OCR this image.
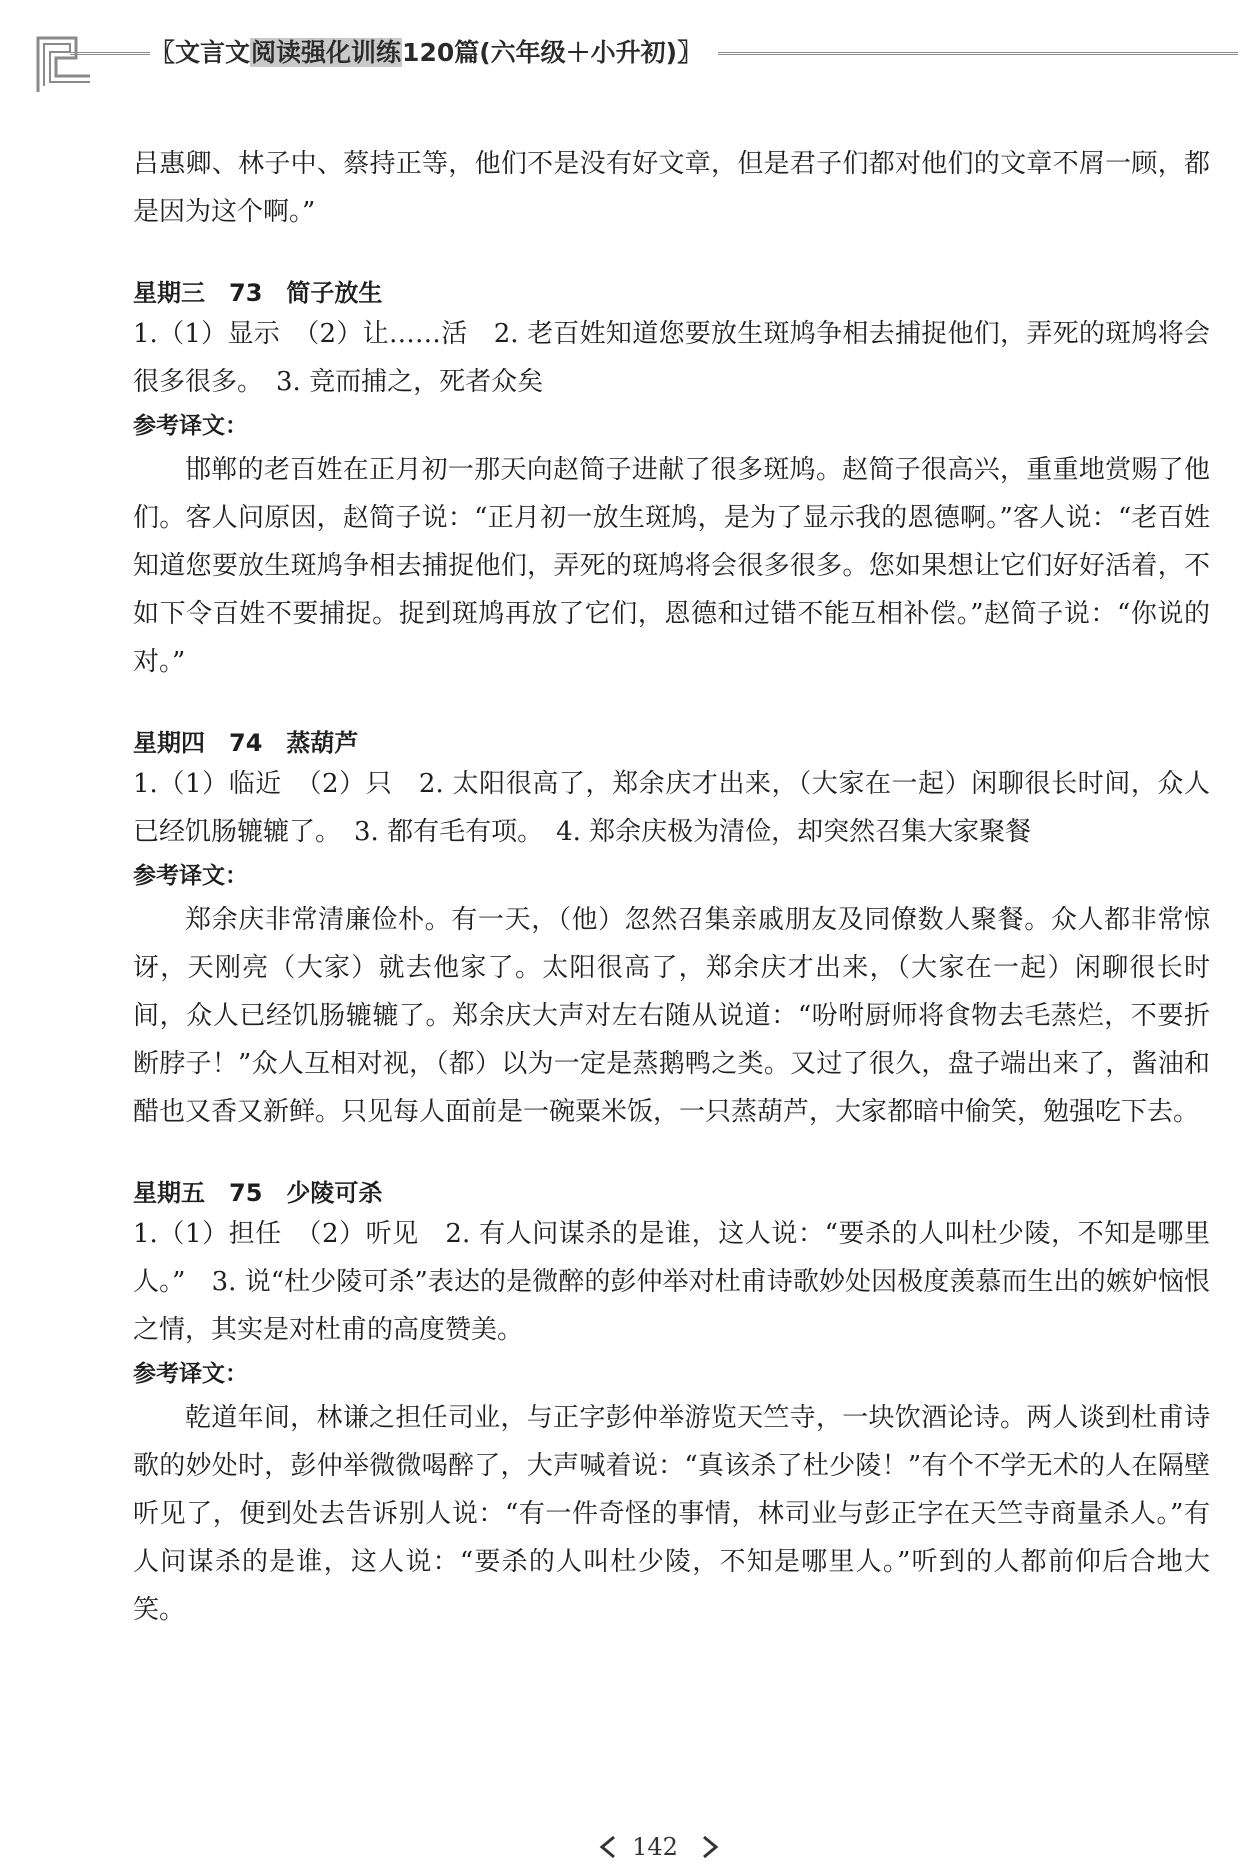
〖文言文阅读强化训练120篇(六年级＋小升初)〗

吕惠卿、林子中、蔡持正等，他们不是没有好文章，但是君子们都对他们的文章不屑一顾，都是因为这个啊。”

星期三　73　简子放生

1.（1）显示　（2）让……活　2. 老百姓知道您要放生斑鸠争相去捕捉他们，弄死的斑鸠将会很多很多。　3. 竞而捕之，死者众矣

参考译文：

邯郸的老百姓在正月初一那天向赵简子进献了很多斑鸠。赵简子很高兴，重重地赏赐了他们。客人问原因，赵简子说：“正月初一放生斑鸠，是为了显示我的恩德啊。”客人说：“老百姓知道您要放生斑鸠争相去捕捉他们，弄死的斑鸠将会很多很多。您如果想让它们好好活着，不如下令百姓不要捕捉。捉到斑鸠再放了它们，恩德和过错不能互相补偿。”赵简子说：“你说的对。”

星期四　74　蒸葫芦

1.（1）临近　（2）只　2. 太阳很高了，郑余庆才出来，（大家在一起）闲聊很长时间，众人已经饥肠辘辘了。　3. 都有毛有项。　4. 郑余庆极为清俭，却突然召集大家聚餐

参考译文：

郑余庆非常清廉俭朴。有一天，（他）忽然召集亲戚朋友及同僚数人聚餐。众人都非常惊讶，天刚亮（大家）就去他家了。太阳很高了，郑余庆才出来，（大家在一起）闲聊很长时间，众人已经饥肠辘辘了。郑余庆大声对左右随从说道：“吩咐厨师将食物去毛蒸烂，不要折断脖子！”众人互相对视，（都）以为一定是蒸鹅鸭之类。又过了很久，盘子端出来了，酱油和醋也又香又新鲜。只见每人面前是一碗粟米饭，一只蒸葫芦，大家都暗中偷笑，勉强吃下去。

星期五　75　少陵可杀

1.（1）担任　（2）听见　2. 有人问谋杀的是谁，这人说：“要杀的人叫杜少陵，不知是哪里人。”　3. 说“杜少陵可杀”表达的是微醉的彭仲举对杜甫诗歌妙处因极度羡慕而生出的嫉妒恼恨之情，其实是对杜甫的高度赞美。

参考译文：

乾道年间，林谦之担任司业，与正字彭仲举游览天竺寺，一块饮酒论诗。两人谈到杜甫诗歌的妙处时，彭仲举微微喝醉了，大声喊着说：“真该杀了杜少陵！”有个不学无术的人在隔壁听见了，便到处去告诉别人说：“有一件奇怪的事情，林司业与彭正字在天竺寺商量杀人。”有人问谋杀的是谁，这人说：“要杀的人叫杜少陵，不知是哪里人。”听到的人都前仰后合地大笑。

142
